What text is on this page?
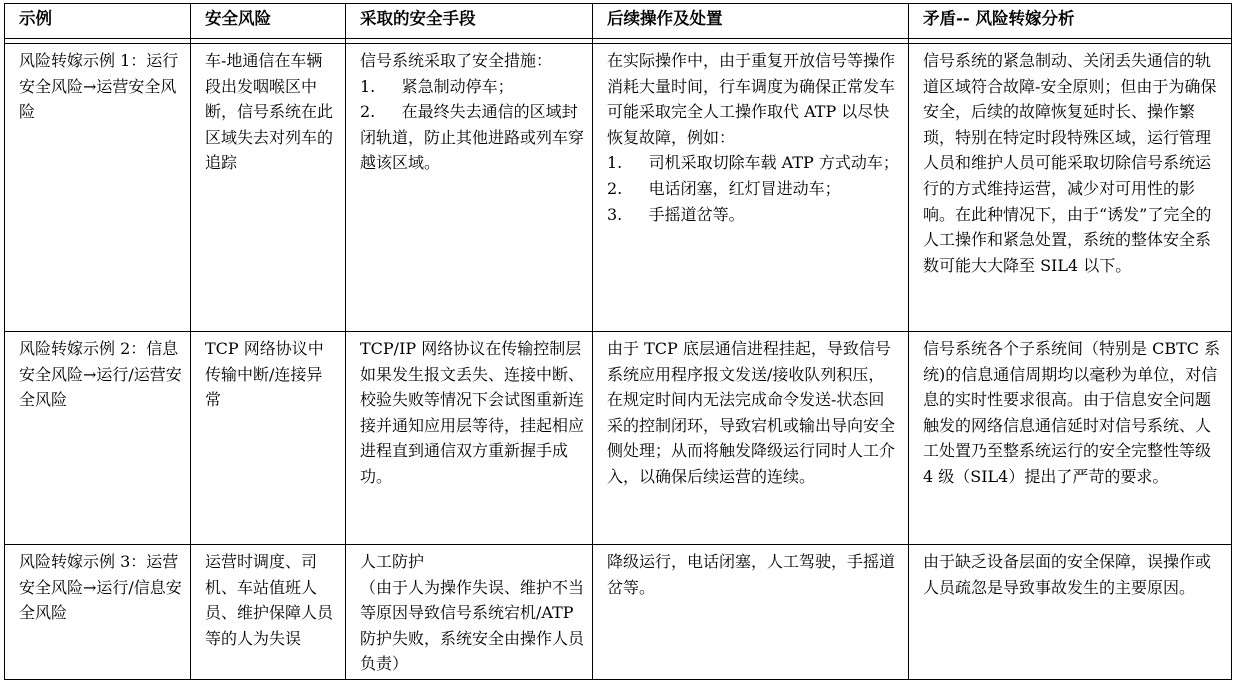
示例	安全风险	采取的安全手段	后续操作及处置	矛盾-- 风险转嫁分析

风险转嫁示例 1：运行安全风险→运营安全风险	车-地通信在车辆段出发咽喉区中断，信号系统在此区域失去对列车的追踪	信号系统采取了安全措施：
1. 紧急制动停车；
2. 在最终失去通信的区域封闭轨道，防止其他进路或列车穿越该区域。	在实际操作中，由于重复开放信号等操作消耗大量时间，行车调度为确保正常发车可能采取完全人工操作取代 ATP 以尽快恢复故障，例如：
1. 司机采取切除车载 ATP 方式动车；
2. 电话闭塞，红灯冒进动车；
3. 手摇道岔等。	信号系统的紧急制动、关闭丢失通信的轨道区域符合故障-安全原则；但由于为确保安全，后续的故障恢复延时长、操作繁琐，特别在特定时段特殊区域，运行管理人员和维护人员可能采取切除信号系统运行的方式维持运营，减少对可用性的影响。在此种情况下，由于“诱发”了完全的人工操作和紧急处置，系统的整体安全系数可能大大降至 SIL4 以下。
风险转嫁示例 2：信息安全风险→运行/运营安全风险	TCP 网络协议中传输中断/连接异常	TCP/IP 网络协议在传输控制层如果发生报文丢失、连接中断、校验失败等情况下会试图重新连接并通知应用层等待，挂起相应进程直到通信双方重新握手成功。	由于 TCP 底层通信进程挂起，导致信号系统应用程序报文发送/接收队列积压，在规定时间内无法完成命令发送-状态回采的控制闭环，导致宕机或输出导向安全侧处理；从而将触发降级运行同时人工介入，以确保后续运营的连续。	信号系统各个子系统间（特别是 CBTC 系统)的信息通信周期均以毫秒为单位，对信息的实时性要求很高。由于信息安全问题触发的网络信息通信延时对信号系统、人工处置乃至整系统运行的安全完整性等级 4 级（SIL4）提出了严苛的要求。
风险转嫁示例 3：运营安全风险→运行/信息安全风险	运营时调度、司机、车站值班人员、维护保障人员等的人为失误	人工防护
（由于人为操作失误、维护不当等原因导致信号系统宕机/ATP 防护失败，系统安全由操作人员负责）	降级运行，电话闭塞，人工驾驶，手摇道岔等。	由于缺乏设备层面的安全保障，误操作或人员疏忽是导致事故发生的主要原因。
